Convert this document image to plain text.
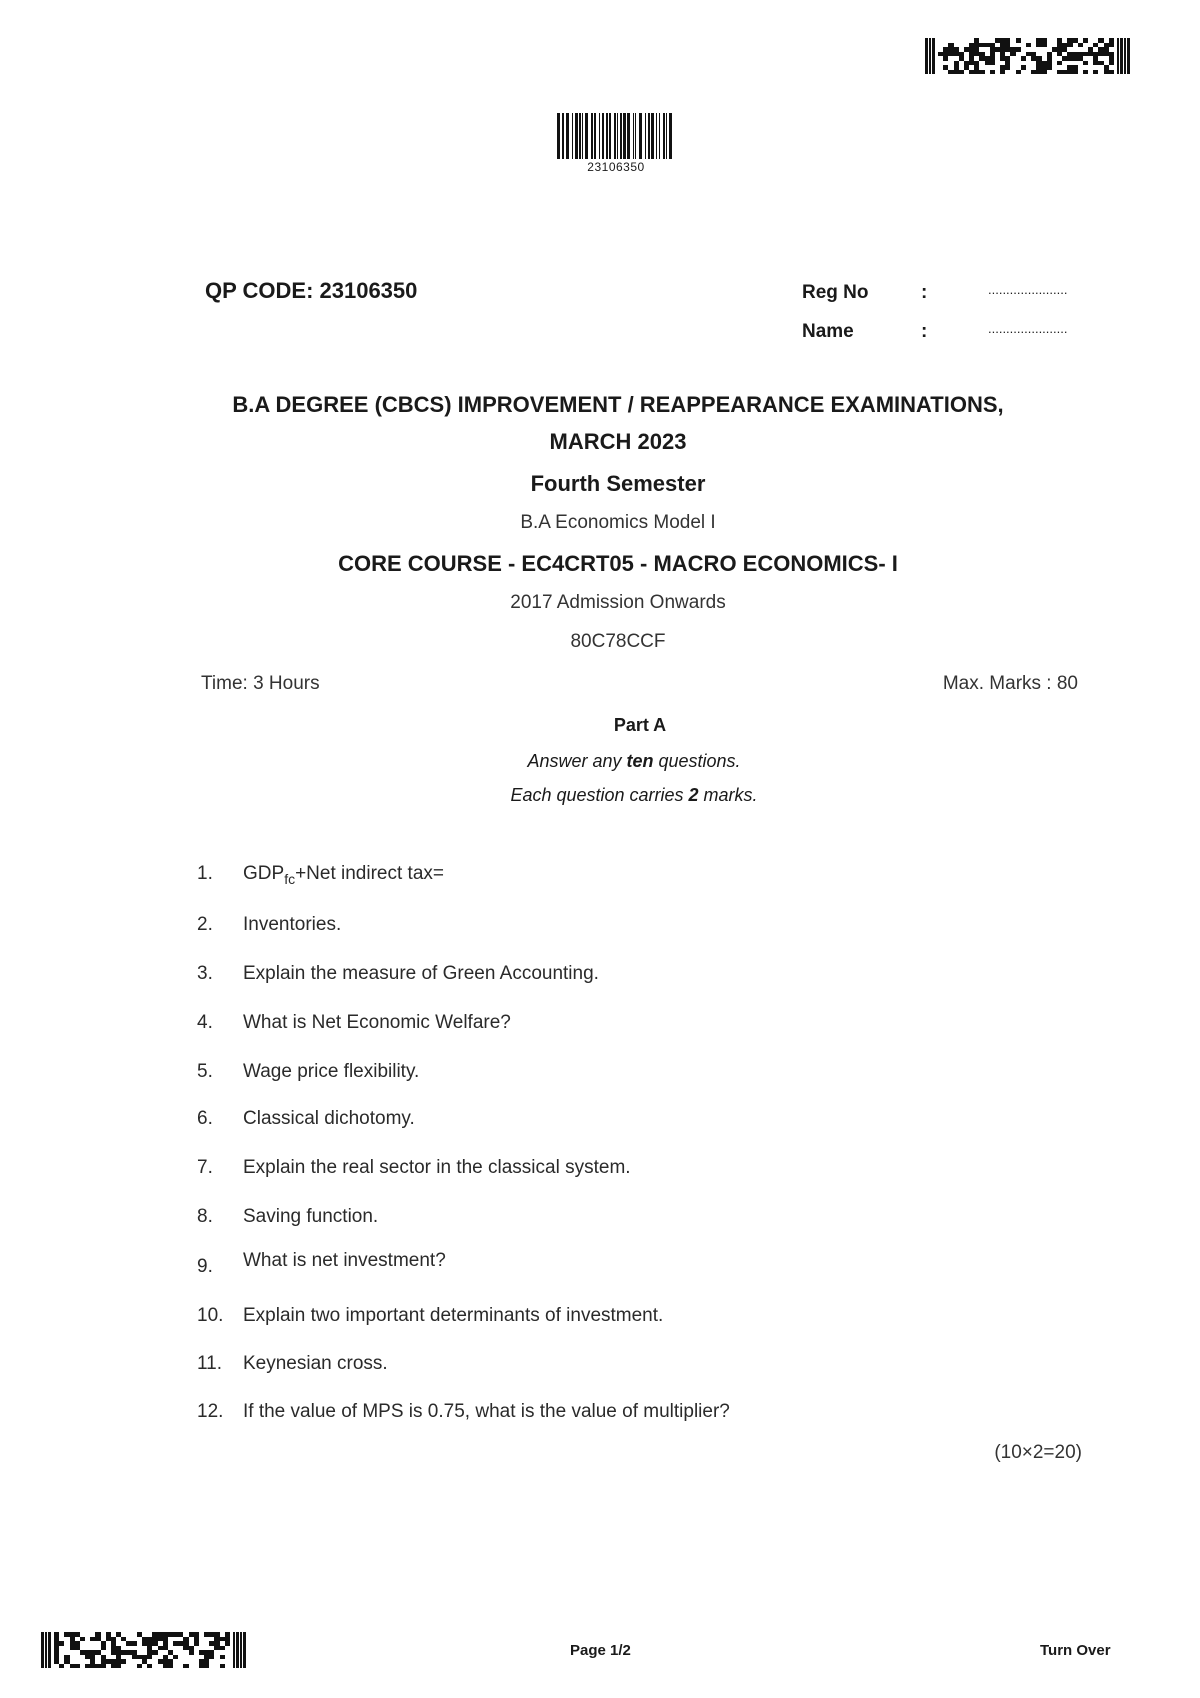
23106350
QP CODE: 23106350	Reg No	:	......................
Name	:	......................
B.A DEGREE (CBCS) IMPROVEMENT / REAPPEARANCE EXAMINATIONS,
MARCH 2023
Fourth Semester
B.A Economics Model I
CORE COURSE - EC4CRT05 - MACRO ECONOMICS- I
2017 Admission Onwards
80C78CCF
Time: 3 Hours	Max. Marks : 80
Part A
Answer any ten questions.
Each question carries 2 marks.
1. $GDP_{fc}+Net$ indirect tax=
2. Inventories.
3. Explain the measure of Green Accounting.
4. What is Net Economic Welfare?
5. Wage price flexibility.
6. Classical dichotomy.
7. Explain the real sector in the classical system.
8. Saving function.
9. What is net investment?
10. Explain two important determinants of investment.
11. Keynesian cross.
12. If the value of MPS is 0.75, what is the value of multiplier?
(10×2=20)
Page 1/2	Turn Over
